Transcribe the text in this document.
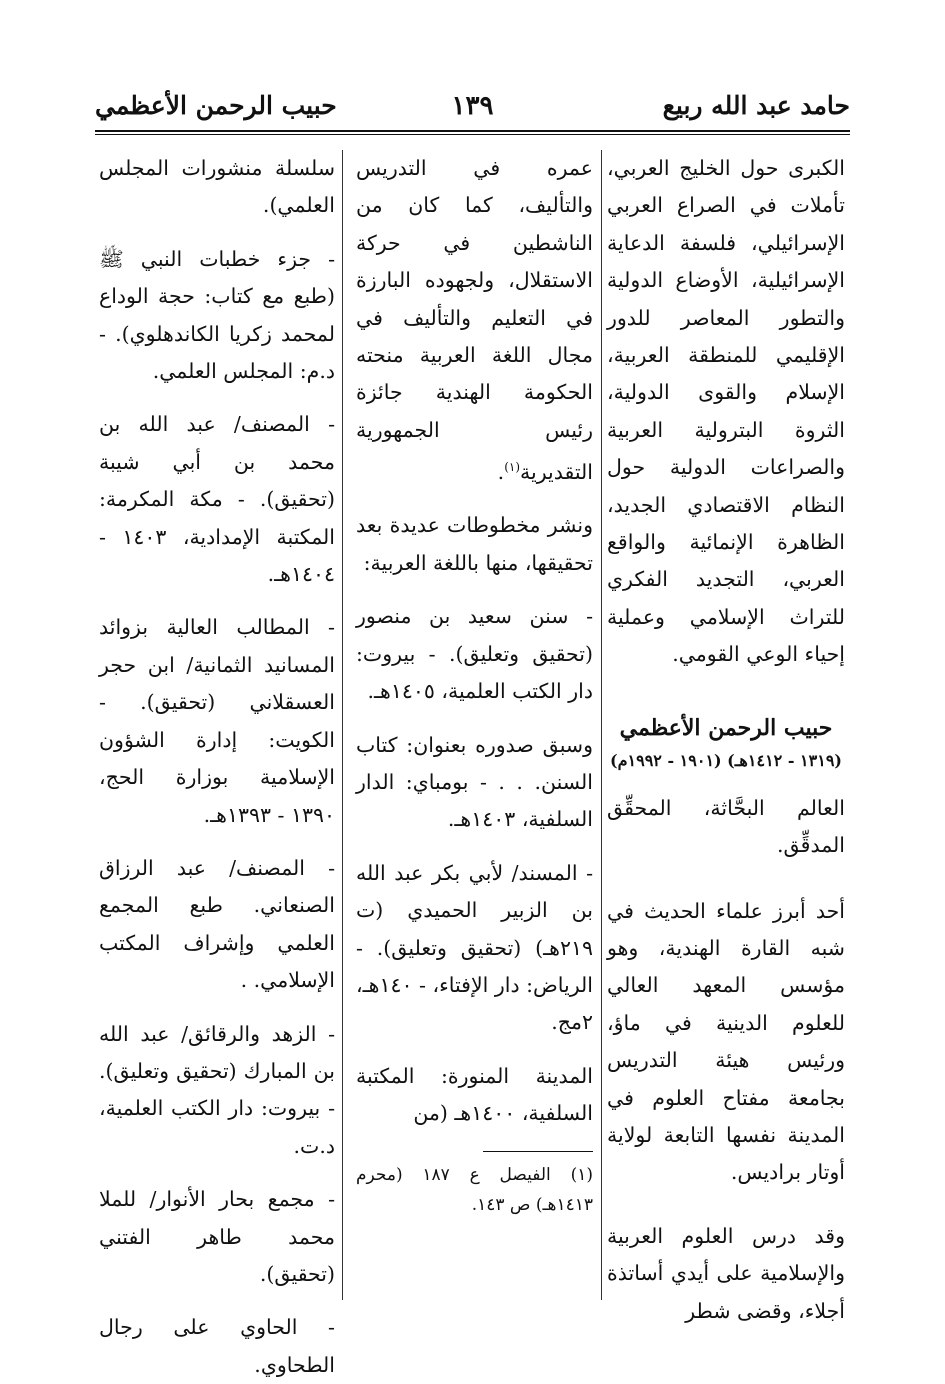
حامد عبد الله ربيع
١٣٩
حبيب الرحمن الأعظمي

الكبرى حول الخليج العربي، تأملات في الصراع العربي الإسرائيلي، فلسفة الدعاية الإسرائيلية، الأوضاع الدولية والتطور المعاصر للدور الإقليمي للمنطقة العربية، الإسلام والقوى الدولية، الثروة البترولية العربية والصراعات الدولية حول النظام الاقتصادي الجديد، الظاهرة الإنمائية والواقع العربي، التجديد الفكري للتراث الإسلامي وعملية إحياء الوعي القومي.

حبيب الرحمن الأعظمي

(١٣١٩ - ١٤١٢هـ) (١٩٠١ - ١٩٩٢م)

العالم البحَّاثة، المحقِّق المدقِّق.

أحد أبرز علماء الحديث في شبه القارة الهندية، وهو مؤسس المعهد العالي للعلوم الدينية في ماؤ، ورئيس هيئة التدريس بجامعة مفتاح العلوم في المدينة نفسها التابعة لولاية أوتار براديس.

وقد درس العلوم العربية والإسلامية على أيدي أساتذة أجلاء، وقضى شطر

عمره في التدريس والتأليف، كما كان من الناشطين في حركة الاستقلال، ولجهوده البارزة في التعليم والتأليف في مجال اللغة العربية منحته الحكومة الهندية جائزة رئيس الجمهورية التقديرية$^{(١)}$.

ونشر مخطوطات عديدة بعد تحقيقها، منها باللغة العربية:

- سنن سعيد بن منصور (تحقيق وتعليق). - بيروت: دار الكتب العلمية، ١٤٠٥هـ.

وسبق صدوره بعنوان: كتاب السنن. . . - بومباي: الدار السلفية، ١٤٠٣هـ.

- المسند/ لأبي بكر عبد الله بن الزبير الحميدي (ت ٢١٩هـ) (تحقيق وتعليق). - الرياض: دار الإفتاء، - ١٤٠هـ، ٢مج.

المدينة المنورة: المكتبة السلفية، ١٤٠٠هـ (من

(١) الفيصل ع ١٨٧ (محرم ١٤١٣هـ) ص ١٤٣.

سلسلة منشورات المجلس العلمي).

- جزء خطبات النبي ﷺ (طبع مع كتاب: حجة الوداع لمحمد زكريا الكاندهلوي). - د.م: المجلس العلمي.

- المصنف/ عبد الله بن محمد بن أبي شيبة (تحقيق). - مكة المكرمة: المكتبة الإمدادية، ١٤٠٣ - ١٤٠٤هـ.

- المطالب العالية بزوائد المسانيد الثمانية/ ابن حجر العسقلاني (تحقيق). - الكويت: إدارة الشؤون الإسلامية بوزارة الحج، ١٣٩٠ - ١٣٩٣هـ.

- المصنف/ عبد الرزاق الصنعاني. طبع المجمع العلمي وإشراف المكتب الإسلامي. .

- الزهد والرقائق/ عبد الله بن المبارك (تحقيق وتعليق). - بيروت: دار الكتب العلمية، د.ت.

- مجمع بحار الأنوار/ للملا محمد طاهر الفتني (تحقيق).

- الحاوي على رجال الطحاوي.
